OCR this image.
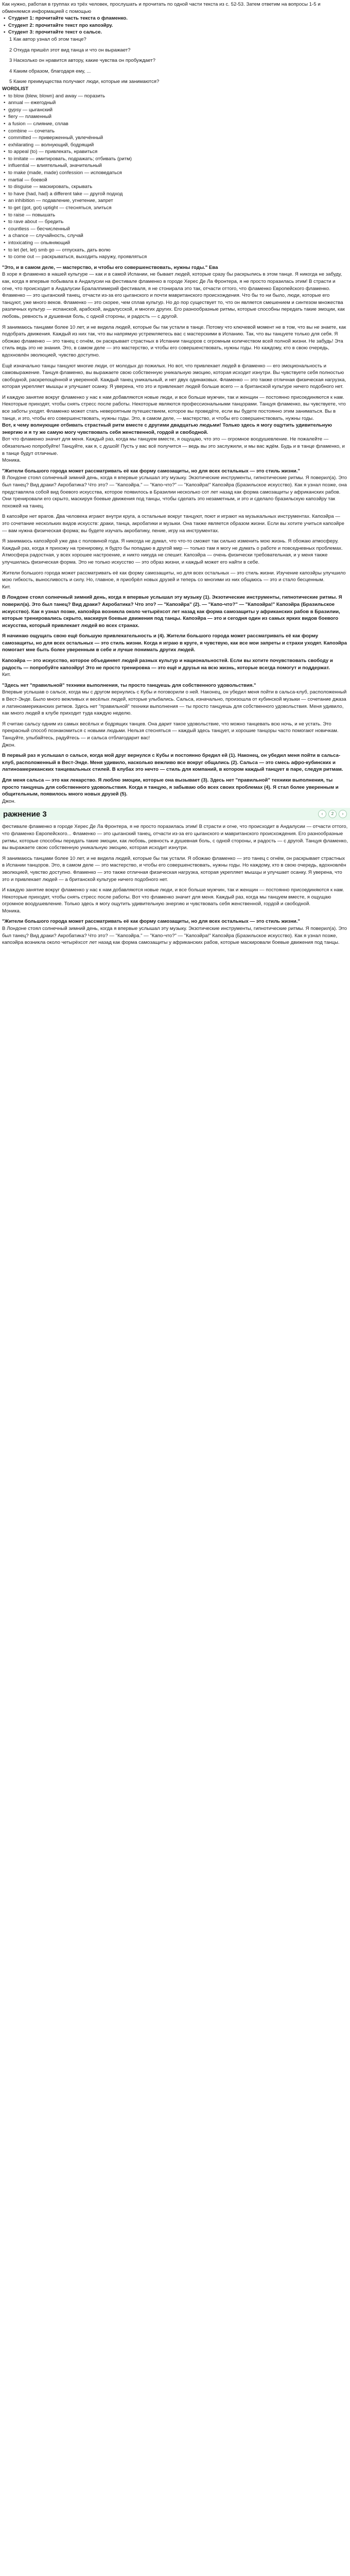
Как нужно, работая в группах из трёх человек, прослушать и прочитать по одной части текста из с. 52-53. Затем ответим на вопросы 1-5 и обменяемся информацией с помощью

• Студент 1: прочитайте часть текста о фламенко.

• Студент 2: прочитайте текст про капоэйру.

• Студент 3: прочитайте текст о сальсе.

1 Как автор узнал об этом танце?

2 Откуда пришёл этот вид танца и что он выражает?

3 Насколько он нравится автору, какие чувства он пробуждает?

4 Каким образом, благодаря ему, ...

5 Какие преимущества получают люди, которые им занимаются?

WORDLIST

• to blow (blew, blown) and away — поразить

• annual — ежегодный

• gypsy — цыганский

• fiery — пламенный

• a fusion — слияние, сплав

• combine — сочетать

• committed — приверженный, увлечённый

• exhilarating — волнующий, бодрящий

• to appeal (to) — привлекать, нравиться

• to imitate — имитировать, подражать; отбивать (ритм)

• influential — влиятельный, значительный

• to make (made, made) confession — исповедаться

• martial — боевой

• to disguise — маскировать, скрывать

• to have (had, had) a different take — другой подход

• an inhibition — подавление, угнетение, запрет

• to get (got, got) uptight — стесняться, злиться

• to raise — повышать

• to rave about — бредить

• countless — бесчисленный

• a chance — случайность, случай

• intoxicating — опьяняющий

• to let (let, let) smb go — отпускать, дать волю

• to come out — раскрываться, выходить наружу, проявляться

"Это, и в самом деле, — мастерство, и чтобы его совершенствовать, нужны годы." Ева

В хоре я фламенко в нашей культуре — как и в самой Испании, не бывает людей, которые сразу бы раскрылись в этом танце. Я никогда не забуду, как, когда я впервые побывала в Андалусии на фестивале фламенко в городе Херес Де Ла Фронтера, я не просто поразилась этим! В страсти и огне, что происходит в Андалусии Бралалпимерий фестиваля, я не стонирала это так, отчасти оттого, что фламенко Европейского фламенко. Фламенко — это цыганский танец, отчасти из-за его цыганского и почти мавританского происхождения. Что бы то ни было, люди, которые его танцуют, уже много веков. Фламенко — это скорее, чем сплав культур. Но до пор существует то, что он является смешением и синтезом множества различных культур — испанской, арабской, андалусской, и многих других. Его разнообразные ритмы, которые способны передать такие эмоции, как любовь, ревность и душевная боль, с одной стороны, и радость — с другой.

Я занимаюсь танцами более 10 лет, и не видела людей, которые бы так устали в танце. Потому что ключевой момент не в том, что вы не знаете, как подобрать движения. Каждый из них так, что вы напрямую устремляетесь вас с мастерскими в Испанию. Так, что вы танцуете только для себя. Я обожаю фламенко — это танец с огнём, он раскрывает страстных в Испании танцоров с огромным количеством всей полной жизни. Не забудь! Эта стиль ведь это не знания. Это, в самом деле — это мастерство, и чтобы его совершенствовать, нужны годы. Но каждому, кто в свою очередь, вдохновлён эволюцией, чувство доступно.

Ещё изначально танцы танцуют многие люди, от молодых до пожилых. Но вот, что привлекает людей в фламенко — его эмоциональность и самовыражение. Танцуя фламенко, вы выражаете свою собственную уникальную эмоцию, которая исходит изнутри. Вы чувствуете себя полностью свободной, раскрепощённой и уверенной. Каждый танец уникальный, и нет двух одинаковых. Фламенко — это также отличная физическая нагрузка, которая укрепляет мышцы и улучшает осанку. Я уверена, что это и привлекает людей больше всего — а британской культуре ничего подобного нет.

И каждую занятие вокруг фламенко у нас к нам добавляются новые люди, и все больше мужчин, так и женщин — постоянно присоединяются к нам. Некоторые приходят, чтобы снять стресс после работы. Некоторые являются профессиональными танцорами. Танцуя фламенко, вы чувствуете, что все заботы уходят. Фламенко может стать невероятным путешествием, которое вы проведёте, если вы будете постоянно этим заниматься. Вы в танце, и это, чтобы его совершенствовать, нужны годы. Это, в самом деле, — мастерство, и чтобы его совершенствовать, нужны годы.

Вот, к чему волнующие отбивать страстный ритм вместе с другими двадцатью людьми! Только здесь я могу ощутить удивительную энергию и я ту же самую могу чувствовать себя женственной, гордой и свободной.

Вот что фламенко значит для меня. Каждый раз, когда мы танцуем вместе, я ощущаю, что это — огромное воодушевление. Не пожалейте — обязательно попробуйте! Танцуйте, как я, с душой! Пусть у вас всё получится — ведь вы это заслужили, и мы вас ждём. Будь и в танце фламенко, и в танце будут отличные.

Моника.

"Жители большого города может рассматривать её как форму самозащиты, но для всех остальных — это стиль жизни."

В Лондоне стоял солнечный зимний день, когда я впервые услышал эту музыку. Экзотические инструменты, гипнотические ритмы. Я поверил(а). Это был танец? Вид драки? Акробатика? Что это? — "Капоэйра." — "Капо-что?" — "Капоэйра!" Капоэйра (Бразильское искусство). Как я узнал позже, она представляла собой вид боевого искусства, которое появилось в Бразилии несколько сот лет назад как форма самозащиты у африканских рабов. Они тренировали его скрыто, маскируя боевые движения под танцы, чтобы сделать это незаметным, и это и сделало бразильскую капоэйру так похожей на танец.

В капоэйре нет врагов. Два человека играют внутри круга, а остальные вокруг танцуют, поют и играют на музыкальных инструментах. Капоэйра — это сочетание нескольких видов искусств: драки, танца, акробатики и музыки. Она также является образом жизни. Если вы хотите учиться капоэйре — вам нужна физическая форма; вы будете изучать акробатику, пение, игру на инструментах.

Я занимаюсь капоэйрой уже два с половиной года. Я никогда не думал, что что-то сможет так сильно изменить мою жизнь. Я обожаю атмосферу. Каждый раз, когда я прихожу на тренировку, я будто бы попадаю в другой мир — только там я могу не думать о работе и повседневных проблемах. Атмосфера радостная, у всех хорошее настроение, и никто никуда не спешит. Капоэйра — очень физически требовательная, и у меня также улучшилась физическая форма. Это не только искусство — это образ жизни, и каждый может его найти в себе.

Жители большого города может рассматривать её как форму самозащиты, но для всех остальных — это стиль жизни. Изучение капоэйры улучшило мою гибкость, выносливость и силу. Но, главное, я приобрёл новых друзей и теперь со многими из них общаюсь — это и стало бесценным.

Кит.

В Лондоне стоял солнечный зимний день, когда я впервые услышал эту музыку (1). Экзотические инструменты, гипнотические ритмы. Я поверил(а). Это был танец? Вид драки? Акробатика? Что это? — "Капоэйра" (2). — "Капо-что?" — "Капоэйра!" Капоэйра (Бразильское искусство). Как я узнал позже, капоэйра возникла около четырёхсот лет назад как форма самозащиты у африканских рабов в Бразилии, которые тренировались скрыто, маскируя боевые движения под танцы. Капоэйра — это и сегодня один из самых ярких видов боевого искусства, который привлекает людей во всех странах.

Я начинаю ощущать свою ещё большую привлекательность и (4). Жители большого города может рассматривать её как форму самозащиты, но для всех остальных — это стиль жизни. Когда я играю в круге, я чувствую, как все мои запреты и страхи уходят. Капоэйра помогает мне быть более уверенным в себе и лучше понимать других людей.

Капоэйра — это искусство, которое объединяет людей разных культур и национальностей. Если вы хотите почувствовать свободу и радость — попробуйте капоэйру! Это не просто тренировка — это ещё и друзья на всю жизнь, которые всегда помогут и поддержат.

Кит.

"Здесь нет "правильной" техники выполнения, ты просто танцуешь для собственного удовольствия."

Впервые услышав о сальсе, когда мы с другом вернулись с Кубы и поговорили о ней. Наконец, он убедил меня пойти в сальса-клуб, расположенный в Вест-Энде. Было много вежливых и весёлых людей, которые улыбались. Сальса, изначально, произошла от кубинской музыки — сочетание джаза и латиноамериканских ритмов. Здесь нет "правильной" техники выполнения — ты просто танцуешь для собственного удовольствия. Меня удивило, как много людей в клубе приходит туда каждую неделю.

Я считаю сальсу одним из самых весёлых и бодрящих танцев. Она дарит такое удовольствие, что можно танцевать всю ночь, и не устать. Это прекрасный способ познакомиться с новыми людьми. Нельзя стесняться — каждый здесь танцует, и хорошие танцоры часто помогают новичкам. Танцуйте, улыбайтесь, радуйтесь — и сальса отблагодарит вас!

Джон.

В первый раз я услышал о сальсе, когда мой друг вернулся с Кубы и постоянно бредил ей (1). Наконец, он убедил меня пойти в сальса-клуб, расположенный в Вест-Энде. Меня удивило, насколько вежливо все вокруг общались (2). Сальса — это смесь афро-кубинских и латиноамериканских танцевальных стилей. В клубах это нечто — стиль для компаний, в котором каждый танцует в паре, следуя ритмам.

Для меня сальса — это как лекарство. Я люблю эмоции, которые она вызывает (3). Здесь нет "правильной" техники выполнения, ты просто танцуешь для собственного удовольствия. Когда я танцую, я забываю обо всех своих проблемах (4). Я стал более уверенным и общительным, появилось много новых друзей (5).

Джон.

ражнение 3	‹	2	›

фестивале фламенко в городе Херес Де Ла Фронтера, я не просто поразилась этим! В страсти и огне, что происходит в Андалусии — отчасти оттого, что фламенко Европейского... Фламенко — это цыганский танец, отчасти из-за его цыганского и мавританского происхождения. Его разнообразные ритмы, которые способны передать такие эмоции, как любовь, ревность и душевная боль, с одной стороны, и радость — с другой. Танцуя фламенко, вы выражаете свою собственную уникальную эмоцию, которая исходит изнутри.

Я занимаюсь танцами более 10 лет, и не видела людей, которые бы так устали. Я обожаю фламенко — это танец с огнём, он раскрывает страстных в Испании танцоров. Это, в самом деле — это мастерство, и чтобы его совершенствовать, нужны годы. Но каждому, кто в свою очередь, вдохновлён эволюцией, чувство доступно. Фламенко — это также отличная физическая нагрузка, которая укрепляет мышцы и улучшает осанку. Я уверена, что это и привлекает людей — а британской культуре ничего подобного нет.

И каждую занятие вокруг фламенко у нас к нам добавляются новые люди, и все больше мужчин, так и женщин — постоянно присоединяются к нам. Некоторые приходят, чтобы снять стресс после работы. Вот что фламенко значит для меня. Каждый раз, когда мы танцуем вместе, я ощущаю огромное воодушевление. Только здесь я могу ощутить удивительную энергию и чувствовать себя женственной, гордой и свободной.

Моника.

"Жители большого города может рассматривать её как форму самозащиты, но для всех остальных — это стиль жизни."

В Лондоне стоял солнечный зимний день, когда я впервые услышал эту музыку. Экзотические инструменты, гипнотические ритмы. Я поверил(а). Это был танец? Вид драки? Акробатика? Что это? — "Капоэйра." — "Капо-что?" — "Капоэйра!" Капоэйра (Бразильское искусство). Как я узнал позже, капоэйра возникла около четырёхсот лет назад как форма самозащиты у африканских рабов, которые маскировали боевые движения под танцы.
